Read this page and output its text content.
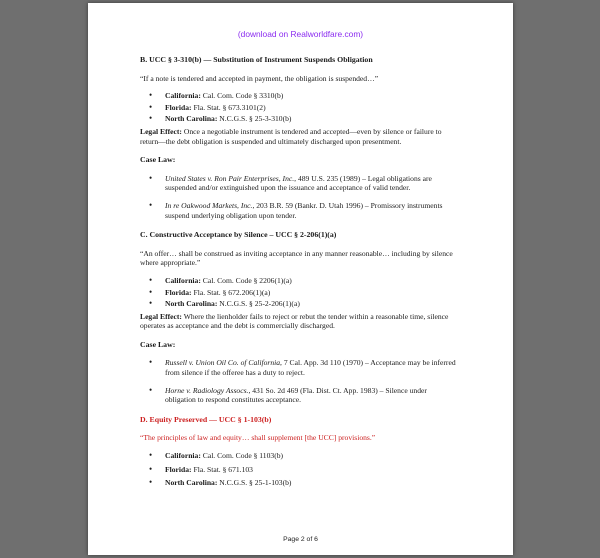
(download on Realworldfare.com)
B. UCC § 3-310(b) — Substitution of Instrument Suspends Obligation

“If a note is tendered and accepted in payment, the obligation is suspended…”

• California: Cal. Com. Code § 3310(b)
• Florida: Fla. Stat. § 673.3101(2)
• North Carolina: N.C.G.S. § 25-3-310(b)

Legal Effect: Once a negotiable instrument is tendered and accepted—even by silence or failure to return—the debt obligation is suspended and ultimately discharged upon presentment.

Case Law:
• United States v. Ron Pair Enterprises, Inc., 489 U.S. 235 (1989) – Legal obligations are suspended and/or extinguished upon the issuance and acceptance of valid tender.
• In re Oakwood Markets, Inc., 203 B.R. 59 (Bankr. D. Utah 1996) – Promissory instruments suspend underlying obligation upon tender.
C. Constructive Acceptance by Silence – UCC § 2-206(1)(a)

“An offer… shall be construed as inviting acceptance in any manner reasonable… including by silence where appropriate.”

• California: Cal. Com. Code § 2206(1)(a)
• Florida: Fla. Stat. § 672.206(1)(a)
• North Carolina: N.C.G.S. § 25-2-206(1)(a)

Legal Effect: Where the lienholder fails to reject or rebut the tender within a reasonable time, silence operates as acceptance and the debt is commercially discharged.

Case Law:
• Russell v. Union Oil Co. of California, 7 Cal. App. 3d 110 (1970) – Acceptance may be inferred from silence if the offeree has a duty to reject.
• Horne v. Radiology Assocs., 431 So. 2d 469 (Fla. Dist. Ct. App. 1983) – Silence under obligation to respond constitutes acceptance.
D. Equity Preserved — UCC § 1-103(b)

“The principles of law and equity… shall supplement [the UCC] provisions.”

• California: Cal. Com. Code § 1103(b)
• Florida: Fla. Stat. § 671.103
• North Carolina: N.C.G.S. § 25-1-103(b)
Page 2 of 6
